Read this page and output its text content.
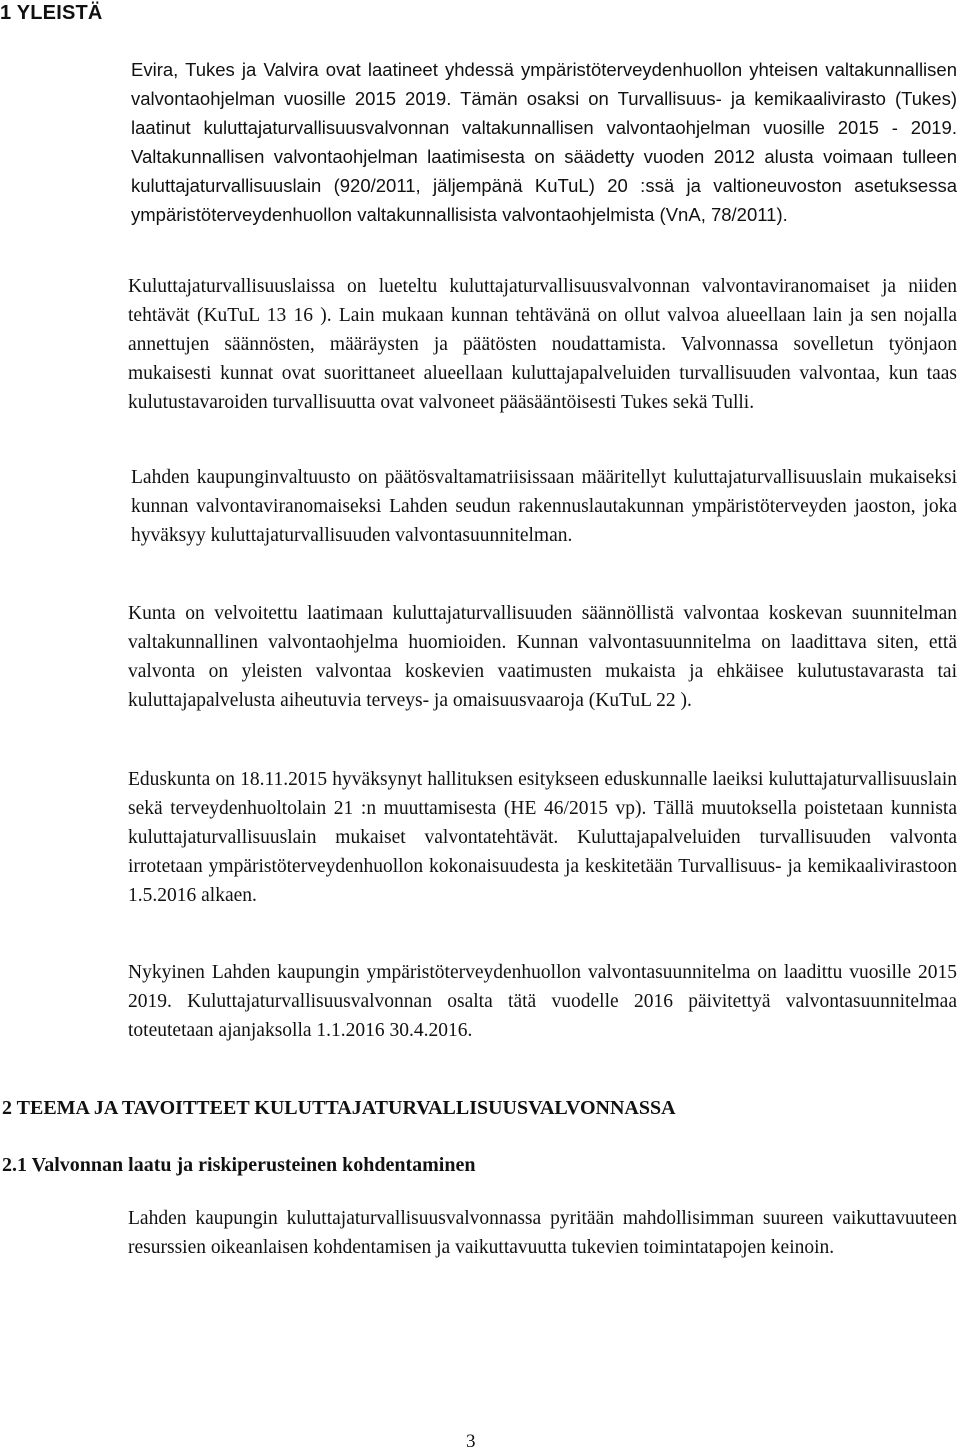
1 YLEISTÄ

Evira, Tukes ja Valvira ovat laatineet yhdessä ympäristöterveydenhuollon yhteisen valtakunnallisen valvontaohjelman vuosille 2015 2019. Tämän osaksi on Turvallisuus- ja kemikaalivirasto (Tukes) laatinut kuluttajaturvallisuusvalvonnan valtakunnallisen valvontaohjelman vuosille 2015 - 2019. Valtakunnallisen valvontaohjelman laatimisesta on säädetty vuoden 2012 alusta voimaan tulleen kuluttajaturvallisuuslain (920/2011, jäljempänä KuTuL) 20 :ssä ja valtioneuvoston asetuksessa ympäristöterveydenhuollon valtakunnallisista valvontaohjelmista (VnA, 78/2011).

Kuluttajaturvallisuuslaissa on lueteltu kuluttajaturvallisuusvalvonnan valvontaviranomaiset ja niiden tehtävät (KuTuL 13 16 ). Lain mukaan kunnan tehtävänä on ollut valvoa alueellaan lain ja sen nojalla annettujen säännösten, määräysten ja päätösten noudattamista. Valvonnassa sovelletun työnjaon mukaisesti kunnat ovat suorittaneet alueellaan kuluttajapalveluiden turvallisuuden valvontaa, kun taas kulutustavaroiden turvallisuutta ovat valvoneet pääsääntöisesti Tukes sekä Tulli.

Lahden kaupunginvaltuusto on päätösvaltamatriisissaan määritellyt kuluttajaturvallisuuslain mukaiseksi kunnan valvontaviranomaiseksi Lahden seudun rakennuslautakunnan ympäristöterveyden jaoston, joka hyväksyy kuluttajaturvallisuuden valvontasuunnitelman.

Kunta on velvoitettu laatimaan kuluttajaturvallisuuden säännöllistä valvontaa koskevan suunnitelman valtakunnallinen valvontaohjelma huomioiden. Kunnan valvontasuunnitelma on laadittava siten, että valvonta on yleisten valvontaa koskevien vaatimusten mukaista ja ehkäisee kulutustavarasta tai kuluttajapalvelusta aiheutuvia terveys- ja omaisuusvaaroja (KuTuL 22 ).

Eduskunta on 18.11.2015 hyväksynyt hallituksen esitykseen eduskunnalle laeiksi kuluttajaturvallisuuslain sekä terveydenhuoltolain 21 :n muuttamisesta (HE 46/2015 vp). Tällä muutoksella poistetaan kunnista kuluttajaturvallisuuslain mukaiset valvontatehtävät. Kuluttajapalveluiden turvallisuuden valvonta irrotetaan ympäristöterveydenhuollon kokonaisuudesta ja keskitetään Turvallisuus- ja kemikaalivirastoon 1.5.2016 alkaen.

Nykyinen Lahden kaupungin ympäristöterveydenhuollon valvontasuunnitelma on laadittu vuosille 2015 2019. Kuluttajaturvallisuusvalvonnan osalta tätä vuodelle 2016 päivitettyä valvontasuunnitelmaa toteutetaan ajanjaksolla 1.1.2016 30.4.2016.

2 TEEMA JA TAVOITTEET KULUTTAJATURVALLISUUSVALVONNASSA
2.1 Valvonnan laatu ja riskiperusteinen kohdentaminen

Lahden kaupungin kuluttajaturvallisuusvalvonnassa pyritään mahdollisimman suureen vaikuttavuuteen resurssien oikeanlaisen kohdentamisen ja vaikuttavuutta tukevien toimintatapojen keinoin.

3
